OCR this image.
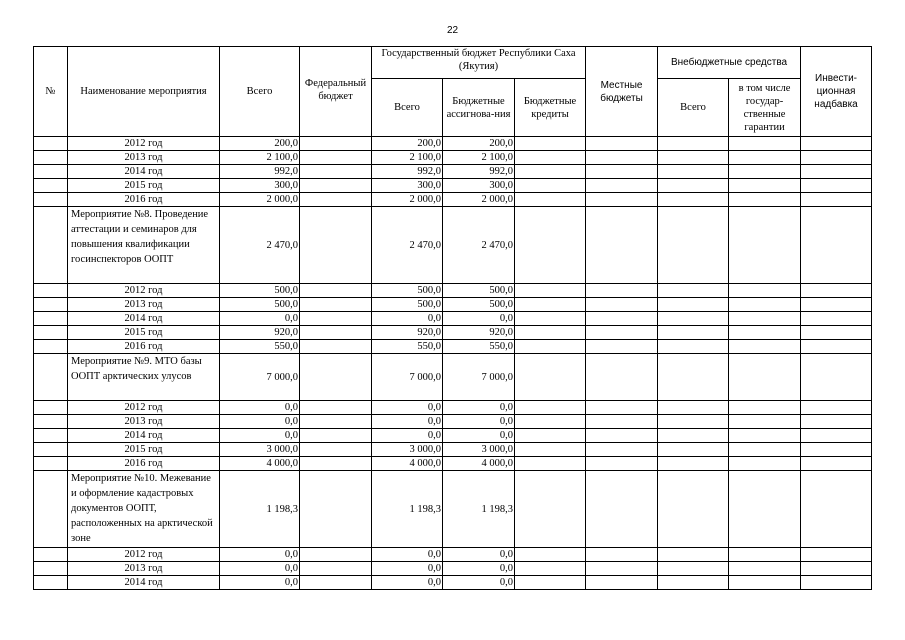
22
№	Наименование мероприятия	Всего	Федеральный бюджет	Государственный бюджет Республики Саха (Якутия)			Местные бюджеты	Внебюджетные средства		Инвести-ционная надбавка
				Всего	Бюджетные ассигнова-ния	Бюджетные кредиты		Всего	в том числе государ-ственные гарантии	
	2012 год	200,0		200,0	200,0					
	2013 год	2 100,0		2 100,0	2 100,0					
	2014 год	992,0		992,0	992,0					
	2015 год	300,0		300,0	300,0					
	2016 год	2 000,0		2 000,0	2 000,0					
	Мероприятие №8. Проведение аттестации и семинаров для повышения квалификации госинспекторов ООПТ	2 470,0		2 470,0	2 470,0					
	2012 год	500,0		500,0	500,0					
	2013 год	500,0		500,0	500,0					
	2014 год	0,0		0,0	0,0					
	2015 год	920,0		920,0	920,0					
	2016 год	550,0		550,0	550,0					
	Мероприятие №9. МТО базы ООПТ арктических улусов	7 000,0		7 000,0	7 000,0					
	2012 год	0,0		0,0	0,0					
	2013 год	0,0		0,0	0,0					
	2014 год	0,0		0,0	0,0					
	2015 год	3 000,0		3 000,0	3 000,0					
	2016 год	4 000,0		4 000,0	4 000,0					
	Мероприятие №10. Межевание и оформление кадастровых документов ООПТ, расположенных на арктической зоне	1 198,3		1 198,3	1 198,3					
	2012 год	0,0		0,0	0,0					
	2013 год	0,0		0,0	0,0					
	2014 год	0,0		0,0	0,0					
